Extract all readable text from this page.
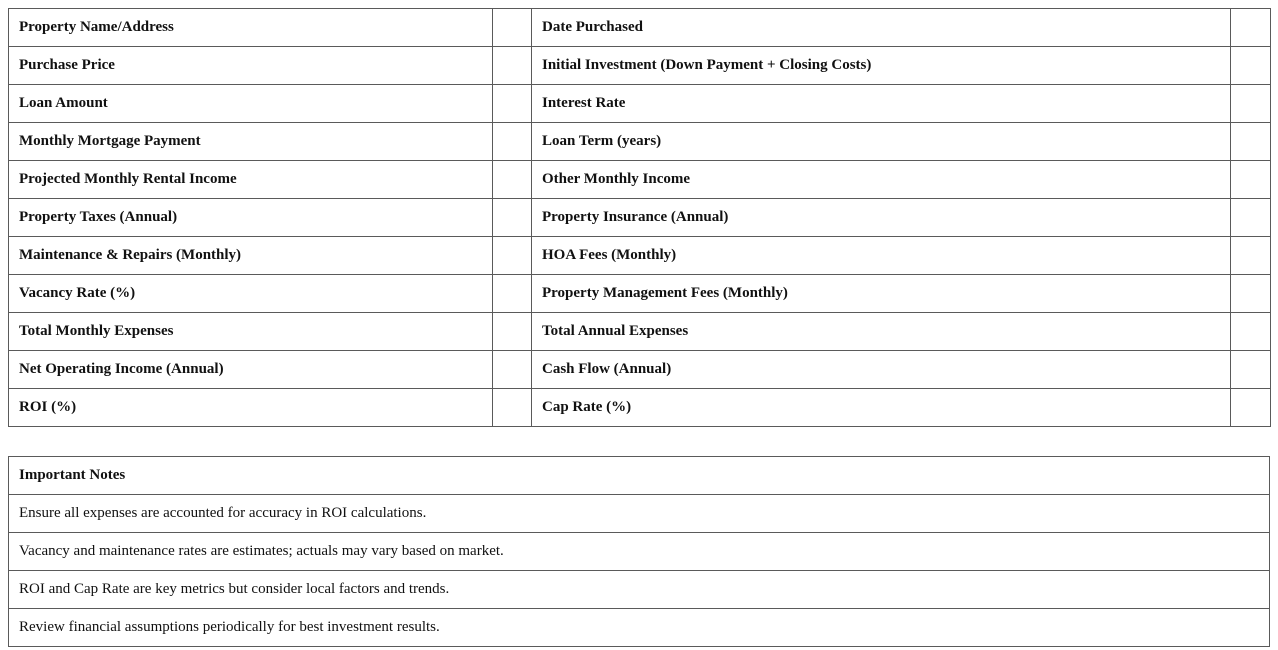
Property Name/Address		Date Purchased	
Purchase Price		Initial Investment (Down Payment + Closing Costs)	
Loan Amount		Interest Rate	
Monthly Mortgage Payment		Loan Term (years)	
Projected Monthly Rental Income		Other Monthly Income	
Property Taxes (Annual)		Property Insurance (Annual)	
Maintenance & Repairs (Monthly)		HOA Fees (Monthly)	
Vacancy Rate (%)		Property Management Fees (Monthly)	
Total Monthly Expenses		Total Annual Expenses	
Net Operating Income (Annual)		Cash Flow (Annual)	
ROI (%)		Cap Rate (%)	
Important Notes
Ensure all expenses are accounted for accuracy in ROI calculations.
Vacancy and maintenance rates are estimates; actuals may vary based on market.
ROI and Cap Rate are key metrics but consider local factors and trends.
Review financial assumptions periodically for best investment results.
